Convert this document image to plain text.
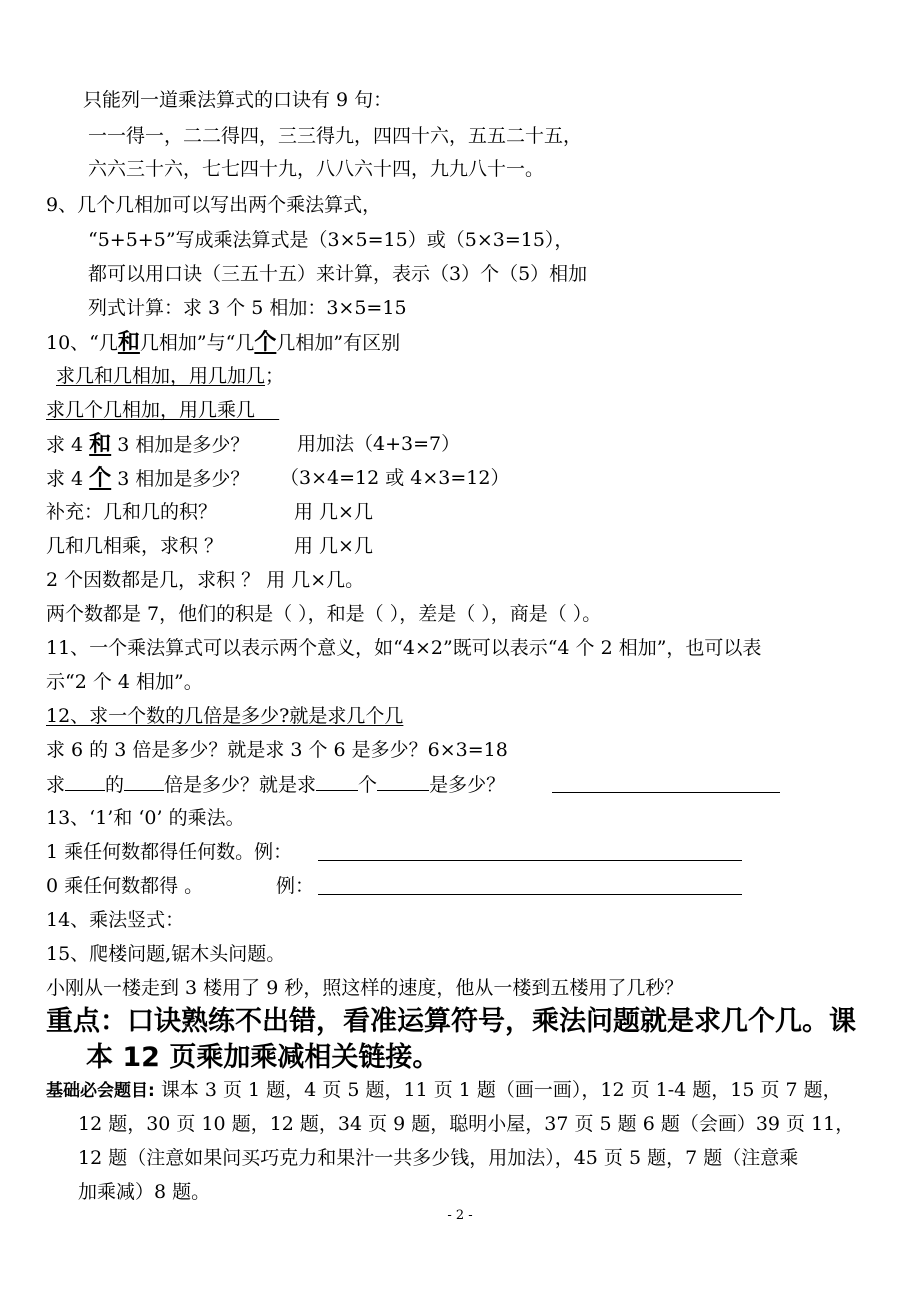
只能列一道乘法算式的口诀有 9 句：
一一得一，二二得四，三三得九，四四十六，五五二十五，
六六三十六，七七四十九，八八六十四，九九八十一。
9、几个几相加可以写出两个乘法算式，
“5+5+5”写成乘法算式是（3×5=15）或（5×3=15），
都可以用口诀（三五十五）来计算，表示（3）个（5）相加
列式计算：求 3 个 5 相加：3×5=15
10、“几和几相加”与“几个几相加”有区别
求几和几相加，用几加几；
求几个几相加，用几乘几
求 4 和 3 相加是多少？	用加法（4+3=7）
求 4 个 3 相加是多少？ （3×4=12 或 4×3=12）
补充：几和几的积？	用 几×几
几和几相乘，求积 ？	用 几×几
2 个因数都是几，求积 ？ 用 几×几。
两个数都是 7，他们的积是（ ），和是（ ），差是（ ），商是（ ）。
11、一个乘法算式可以表示两个意义，如“4×2”既可以表示“4 个 2 相加”，也可以表
示“2 个 4 相加”。
12、求一个数的几倍是多少?就是求几个几
求 6 的 3 倍是多少？就是求 3 个 6 是多少？6×3=18
求 的 倍是多少？就是求 个	是多少？
13、‘1’和 ‘0’ 的乘法。
1 乘任何数都得任何数。例：
0 乘任何数都得 。	例：
14、乘法竖式：
15、爬楼问题,锯木头问题。
小刚从一楼走到 3 楼用了 9 秒，照这样的速度，他从一楼到五楼用了几秒？
重点：口诀熟练不出错，看准运算符号，乘法问题就是求几个几。课
本 12 页乘加乘减相关链接。
基础必会题目: 课本 3 页 1 题，4 页 5 题，11 页 1 题（画一画），12 页 1-4 题，15 页 7 题，
12 题，30 页 10 题，12 题，34 页 9 题，聪明小屋，37 页 5 题 6 题（会画）39 页 11，
12 题（注意如果问买巧克力和果汁一共多少钱，用加法），45 页 5 题，7 题（注意乘
加乘减）8 题。
- 2 -
